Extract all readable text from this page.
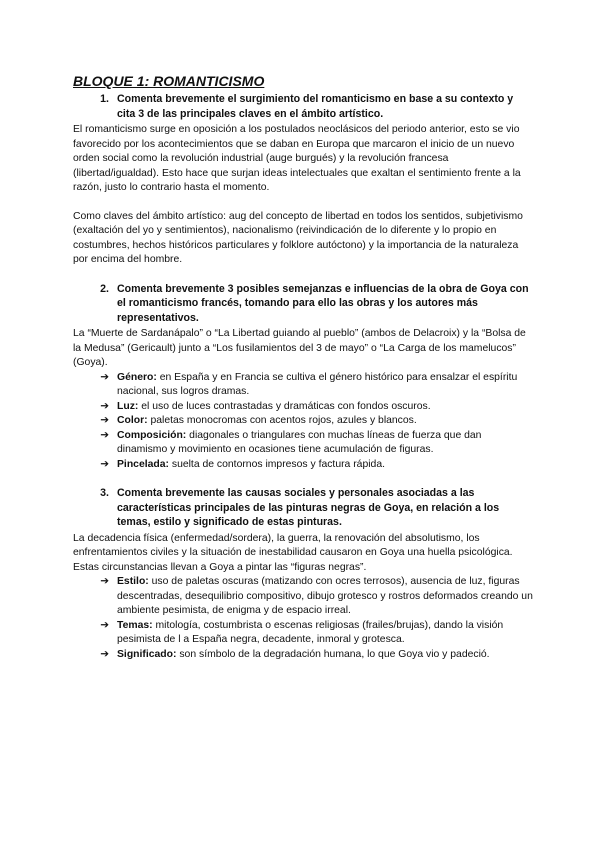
BLOQUE 1: ROMANTICISMO
1. Comenta brevemente el surgimiento del romanticismo en base a su contexto y cita 3 de las principales claves en el ámbito artístico.

El romanticismo surge en oposición a los postulados neoclásicos del periodo anterior, esto se vio favorecido por los acontecimientos que se daban en Europa que marcaron el inicio de un nuevo orden social como la revolución industrial (auge burgués) y la revolución francesa (libertad/igualdad). Esto hace que surjan ideas intelectuales que exaltan el sentimiento frente a la razón, justo lo contrario hasta el momento.

Como claves del ámbito artístico: aug del concepto de libertad en todos los sentidos, subjetivismo (exaltación del yo y sentimientos), nacionalismo (reivindicación de lo diferente y lo propio en costumbres, hechos históricos particulares y folklore autóctono) y la importancia de la naturaleza por encima del hombre.

2. Comenta brevemente 3 posibles semejanzas e influencias de la obra de Goya con el romanticismo francés, tomando para ello las obras y los autores más representativos.

La “Muerte de Sardanápalo” o “La Libertad guiando al pueblo” (ambos de Delacroix) y la “Bolsa de la Medusa” (Gericault) junto a “Los fusilamientos del 3 de mayo” o “La Carga de los mamelucos” (Goya).

➔ Género: en España y en Francia se cultiva el género histórico para ensalzar el espíritu nacional, sus logros dramas.
➔ Luz: el uso de luces contrastadas y dramáticas con fondos oscuros.
➔ Color: paletas monocromas con acentos rojos, azules y blancos.
➔ Composición: diagonales o triangulares con muchas líneas de fuerza que dan dinamismo y movimiento en ocasiones tiene acumulación de figuras.
➔ Pincelada: suelta de contornos impresos y factura rápida.
3. Comenta brevemente las causas sociales y personales asociadas a las características principales de las pinturas negras de Goya, en relación a los temas, estilo y significado de estas pinturas.

La decadencia física (enfermedad/sordera), la guerra, la renovación del absolutismo, los enfrentamientos civiles y la situación de inestabilidad causaron en Goya una huella psicológica.

Estas circunstancias llevan a Goya a pintar las “figuras negras”.

➔ Estilo: uso de paletas oscuras (matizando con ocres terrosos), ausencia de luz, figuras descentradas, desequilibrio compositivo, dibujo grotesco y rostros deformados creando un ambiente pesimista, de enigma y de espacio irreal.
➔ Temas: mitología, costumbrista o escenas religiosas (frailes/brujas), dando la visión pesimista de l a España negra, decadente, inmoral y grotesca.
➔ Significado: son símbolo de la degradación humana, lo que Goya vio y padeció.
